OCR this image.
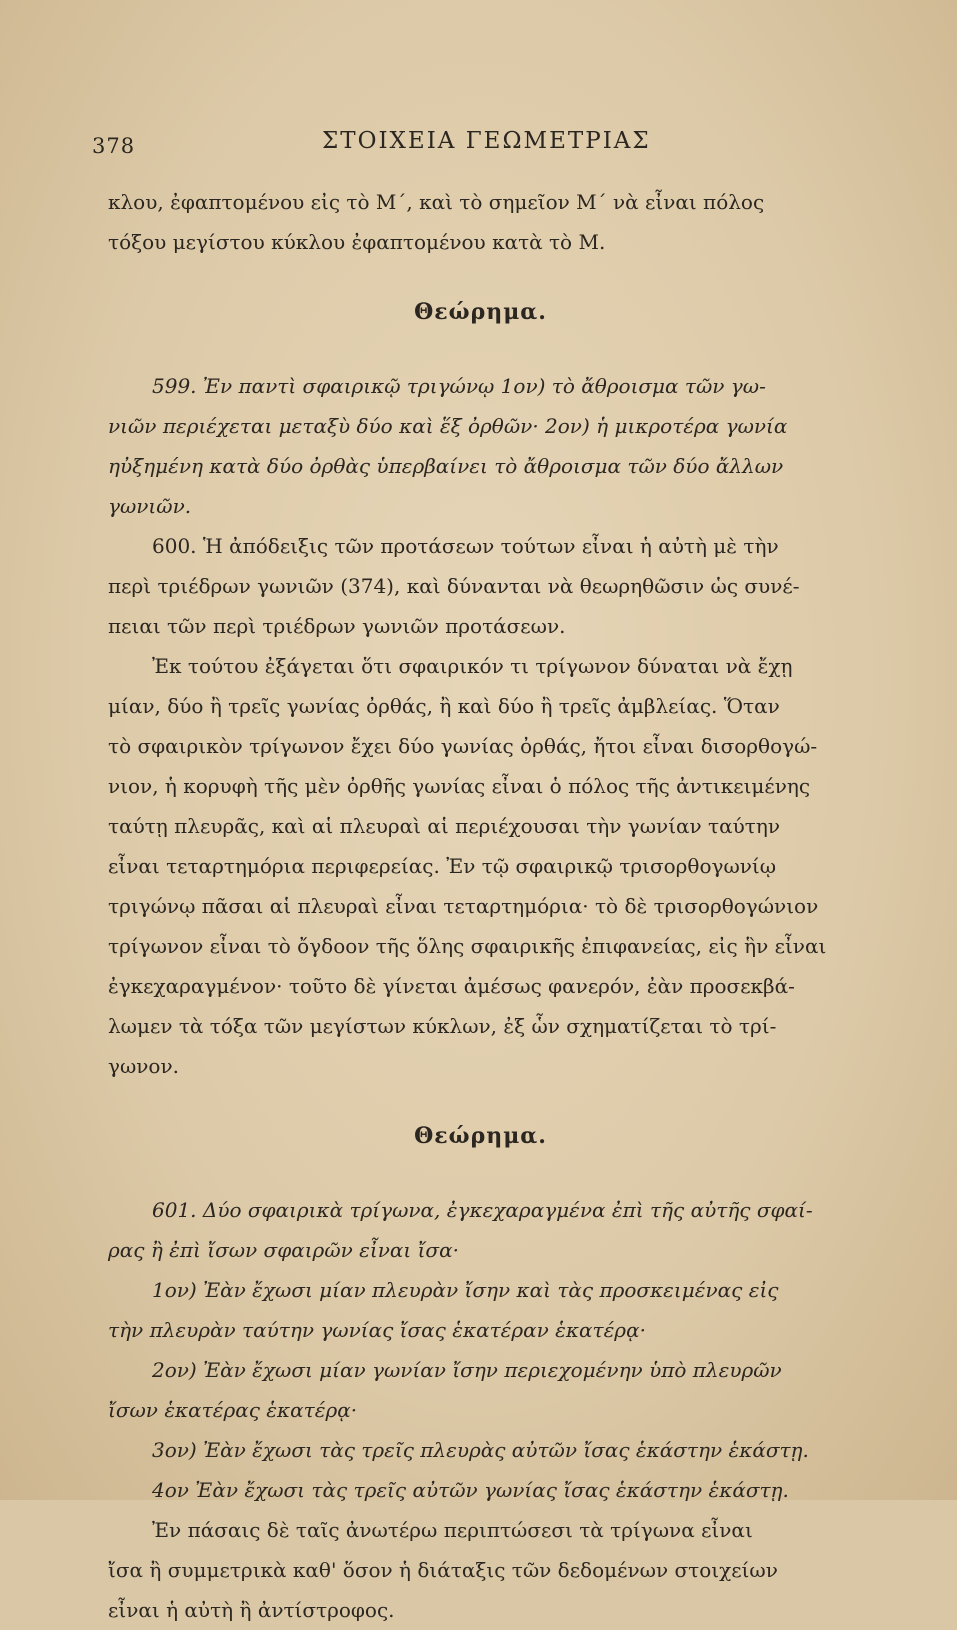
378	ΣΤΟΙΧΕΙΑ ΓΕΩΜΕΤΡΙΑΣ
κλου, ἐφαπτομένου εἰς τὸ Μ΄, καὶ τὸ σημεῖον Μ΄ νὰ εἶναι πόλος
τόξου μεγίστου κύκλου ἐφαπτομένου κατὰ τὸ Μ.
Θεώρημα.
599. Ἐν παντὶ σφαιρικῷ τριγώνῳ 1ον) τὸ ἄθροισμα τῶν γω-
νιῶν περιέχεται μεταξὺ δύο καὶ ἕξ ὀρθῶν· 2ον) ἡ μικροτέρα γωνία
ηὐξημένη κατὰ δύο ὀρθὰς ὑπερβαίνει τὸ ἄθροισμα τῶν δύο ἄλλων
γωνιῶν.
600. Ἡ ἀπόδειξις τῶν προτάσεων τούτων εἶναι ἡ αὐτὴ μὲ τὴν
περὶ τριέδρων γωνιῶν (374), καὶ δύνανται νὰ θεωρηθῶσιν ὡς συνέ-
πειαι τῶν περὶ τριέδρων γωνιῶν προτάσεων.
Ἐκ τούτου ἐξάγεται ὅτι σφαιρικόν τι τρίγωνον δύναται νὰ ἔχῃ
μίαν, δύο ἢ τρεῖς γωνίας ὀρθάς, ἢ καὶ δύο ἢ τρεῖς ἀμβλείας. Ὅταν
τὸ σφαιρικὸν τρίγωνον ἔχει δύο γωνίας ὀρθάς, ἤτοι εἶναι δισορθογώ-
νιον, ἡ κορυφὴ τῆς μὲν ὀρθῆς γωνίας εἶναι ὁ πόλος τῆς ἀντικειμένης
ταύτῃ πλευρᾶς, καὶ αἱ πλευραὶ αἱ περιέχουσαι τὴν γωνίαν ταύτην
εἶναι τεταρτημόρια περιφερείας. Ἐν τῷ σφαιρικῷ τρισορθογωνίῳ
τριγώνῳ πᾶσαι αἱ πλευραὶ εἶναι τεταρτημόρια· τὸ δὲ τρισορθογώνιον
τρίγωνον εἶναι τὸ ὄγδοον τῆς ὅλης σφαιρικῆς ἐπιφανείας, εἰς ἣν εἶναι
ἐγκεχαραγμένον· τοῦτο δὲ γίνεται ἀμέσως φανερόν, ἐὰν προσεκβά-
λωμεν τὰ τόξα τῶν μεγίστων κύκλων, ἐξ ὧν σχηματίζεται τὸ τρί-
γωνον.
Θεώρημα.
601. Δύο σφαιρικὰ τρίγωνα, ἐγκεχαραγμένα ἐπὶ τῆς αὐτῆς σφαί-
ρας ἢ ἐπὶ ἴσων σφαιρῶν εἶναι ἴσα·
1ον) Ἐὰν ἔχωσι μίαν πλευρὰν ἴσην καὶ τὰς προσκειμένας εἰς
τὴν πλευρὰν ταύτην γωνίας ἴσας ἑκατέραν ἑκατέρᾳ·
2ον) Ἐὰν ἔχωσι μίαν γωνίαν ἴσην περιεχομένην ὑπὸ πλευρῶν
ἴσων ἑκατέρας ἑκατέρᾳ·
3ον) Ἐὰν ἔχωσι τὰς τρεῖς πλευρὰς αὐτῶν ἴσας ἑκάστην ἑκάστῃ.
4ον Ἐὰν ἔχωσι τὰς τρεῖς αὐτῶν γωνίας ἴσας ἑκάστην ἑκάστῃ.
Ἐν πάσαις δὲ ταῖς ἀνωτέρω περιπτώσεσι τὰ τρίγωνα εἶναι
ἴσα ἢ συμμετρικὰ καθ' ὅσον ἡ διάταξις τῶν δεδομένων στοιχείων
εἶναι ἡ αὐτὴ ἢ ἀντίστροφος.
